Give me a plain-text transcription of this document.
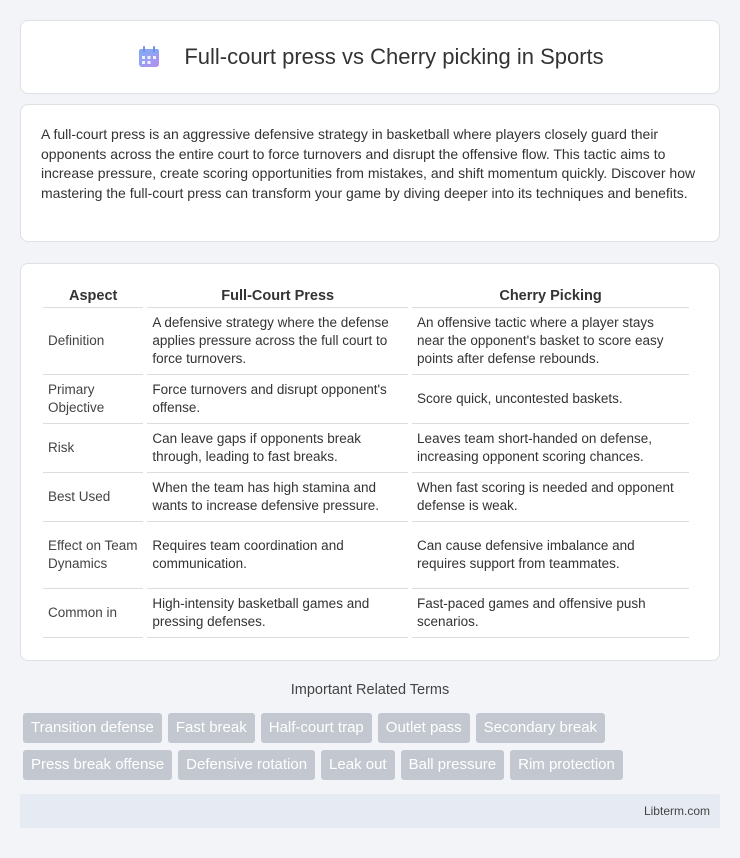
Full-court press vs Cherry picking in Sports

A full-court press is an aggressive defensive strategy in basketball where players closely guard their opponents across the entire court to force turnovers and disrupt the offensive flow. This tactic aims to increase pressure, create scoring opportunities from mistakes, and shift momentum quickly. Discover how mastering the full-court press can transform your game by diving deeper into its techniques and benefits.

Aspect	Full-Court Press	Cherry Picking
Definition	A defensive strategy where the defense applies pressure across the full court to force turnovers.	An offensive tactic where a player stays near the opponent's basket to score easy points after defense rebounds.
Primary Objective	Force turnovers and disrupt opponent's offense.	Score quick, uncontested baskets.
Risk	Can leave gaps if opponents break through, leading to fast breaks.	Leaves team short-handed on defense, increasing opponent scoring chances.
Best Used	When the team has high stamina and wants to increase defensive pressure.	When fast scoring is needed and opponent defense is weak.
Effect on Team Dynamics	Requires team coordination and communication.	Can cause defensive imbalance and requires support from teammates.
Common in	High-intensity basketball games and pressing defenses.	Fast-paced games and offensive push scenarios.
Important Related Terms
Transition defense	Fast break	Half-court trap	Outlet pass	Secondary break
Press break offense	Defensive rotation	Leak out	Ball pressure	Rim protection
Libterm.com
